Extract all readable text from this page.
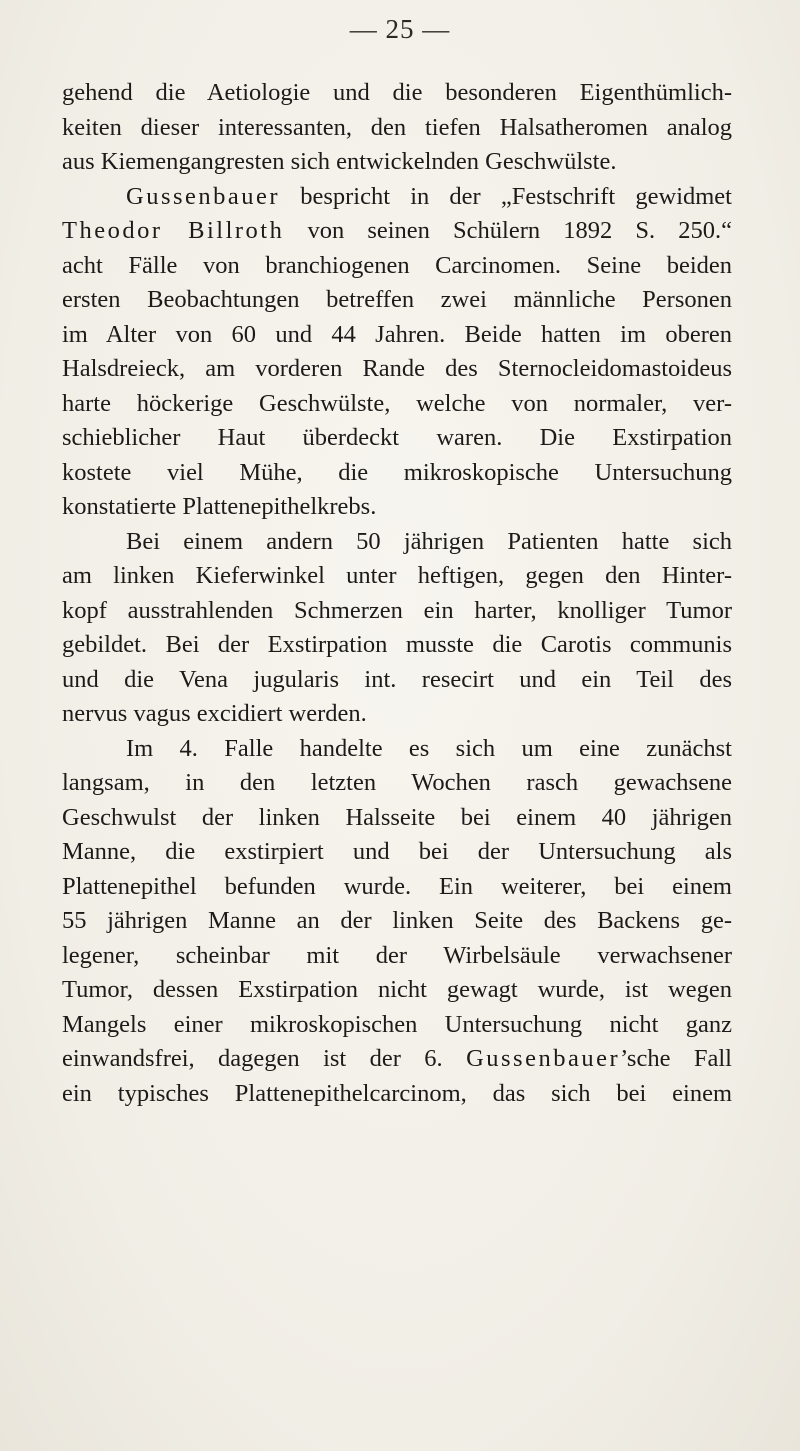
— 25 —
gehend die Aetiologie und die besonderen Eigenthümlich-
keiten dieser interessanten, den tiefen Halsatheromen analog
aus Kiemengangresten sich entwickelnden Geschwülste.
Gussenbauer bespricht in der „Festschrift gewidmet
Theodor Billroth von seinen Schülern 1892 S. 250.“
acht Fälle von branchiogenen Carcinomen. Seine beiden
ersten Beobachtungen betreffen zwei männliche Personen
im Alter von 60 und 44 Jahren. Beide hatten im oberen
Halsdreieck, am vorderen Rande des Sternocleidomastoideus
harte höckerige Geschwülste, welche von normaler, ver-
schieblicher Haut überdeckt waren. Die Exstirpation
kostete viel Mühe, die mikroskopische Untersuchung
konstatierte Plattenepithelkrebs.
Bei einem andern 50 jährigen Patienten hatte sich
am linken Kieferwinkel unter heftigen, gegen den Hinter-
kopf ausstrahlenden Schmerzen ein harter, knolliger Tumor
gebildet. Bei der Exstirpation musste die Carotis communis
und die Vena jugularis int. resecirt und ein Teil des
nervus vagus excidiert werden.
Im 4. Falle handelte es sich um eine zunächst
langsam, in den letzten Wochen rasch gewachsene
Geschwulst der linken Halsseite bei einem 40 jährigen
Manne, die exstirpiert und bei der Untersuchung als
Plattenepithel befunden wurde. Ein weiterer, bei einem
55 jährigen Manne an der linken Seite des Backens ge-
legener, scheinbar mit der Wirbelsäule verwachsener
Tumor, dessen Exstirpation nicht gewagt wurde, ist wegen
Mangels einer mikroskopischen Untersuchung nicht ganz
einwandsfrei, dagegen ist der 6. Gussenbauer’sche Fall
ein typisches Plattenepithelcarcinom, das sich bei einem
